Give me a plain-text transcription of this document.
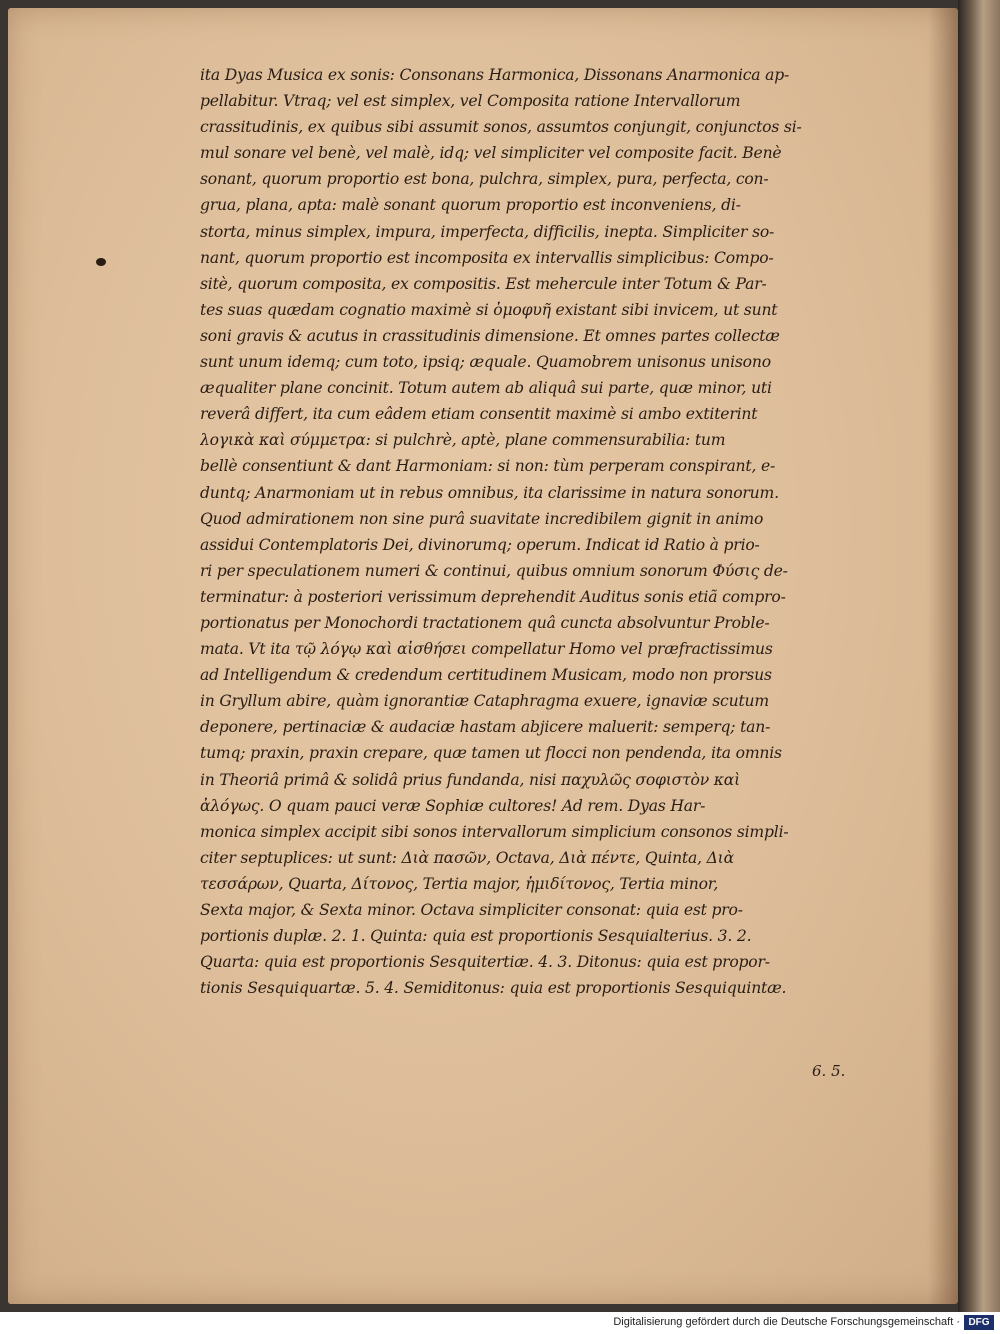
ita Dyas Musica ex sonis: Consonans Harmonica, Dissonans Anarmonica ap-
pellabitur. Vtraq; vel est simplex, vel Composita ratione Intervallorum
crassitudinis, ex quibus sibi assumit sonos, assumtos conjungit, conjunctos si-
mul sonare vel benè, vel malè, idq; vel simpliciter vel composite facit. Benè
sonant, quorum proportio est bona, pulchra, simplex, pura, perfecta, con-
grua, plana, apta: malè sonant quorum proportio est inconveniens, di-
storta, minus simplex, impura, imperfecta, difficilis, inepta. Simpliciter so-
nant, quorum proportio est incomposita ex intervallis simplicibus: Compo-
sitè, quorum composita, ex compositis. Est mehercule inter Totum & Par-
tes suas quædam cognatio maximè si ὁμοφυῆ existant sibi invicem, ut sunt
soni gravis & acutus in crassitudinis dimensione. Et omnes partes collectæ
sunt unum idemq; cum toto, ipsiq; æquale. Quamobrem unisonus unisono
æqualiter plane concinit. Totum autem ab aliquâ sui parte, quæ minor, uti
reverâ differt, ita cum eâdem etiam consentit maximè si ambo extiterint
λογικὰ καὶ σύμμετρα: si pulchrè, aptè, plane commensurabilia: tum
bellè consentiunt & dant Harmoniam: si non: tùm perperam conspirant, e-
duntq; Anarmoniam ut in rebus omnibus, ita clarissime in natura sonorum.
Quod admirationem non sine purâ suavitate incredibilem gignit in animo
assidui Contemplatoris Dei, divinorumq; operum. Indicat id Ratio à prio-
ri per speculationem numeri & continui, quibus omnium sonorum Φύσις de-
terminatur: à posteriori verissimum deprehendit Auditus sonis etiã compro-
portionatus per Monochordi tractationem quâ cuncta absolvuntur Proble-
mata. Vt ita τῷ λόγῳ καὶ αἰσθήσει compellatur Homo vel præfractissimus
ad Intelligendum & credendum certitudinem Musicam, modo non prorsus
in Gryllum abire, quàm ignorantiæ Cataphragma exuere, ignaviæ scutum
deponere, pertinaciæ & audaciæ hastam abjicere maluerit: semperq; tan-
tumq; praxin, praxin crepare, quæ tamen ut flocci non pendenda, ita omnis
in Theoriâ primâ & solidâ prius fundanda, nisi παχυλῶς σοφιστὸν καὶ
ἀλόγως. O quam pauci veræ Sophiæ cultores! Ad rem. Dyas Har-
monica simplex accipit sibi sonos intervallorum simplicium consonos simpli-
citer septuplices: ut sunt: Διὰ πασῶν, Octava, Διὰ πέντε, Quinta, Διὰ
τεσσάρων, Quarta, Δίτονος, Tertia major, ἡμιδίτονος, Tertia minor,
Sexta major, & Sexta minor. Octava simpliciter consonat: quia est pro-
portionis duplæ. 2. 1. Quinta: quia est proportionis Sesquialterius. 3. 2.
Quarta: quia est proportionis Sesquitertiæ. 4. 3. Ditonus: quia est propor-
tionis Sesquiquartæ. 5. 4. Semiditonus: quia est proportionis Sesquiquintæ.
6. 5.
Digitalisierung gefördert durch die Deutsche Forschungsgemeinschaft · DFG
